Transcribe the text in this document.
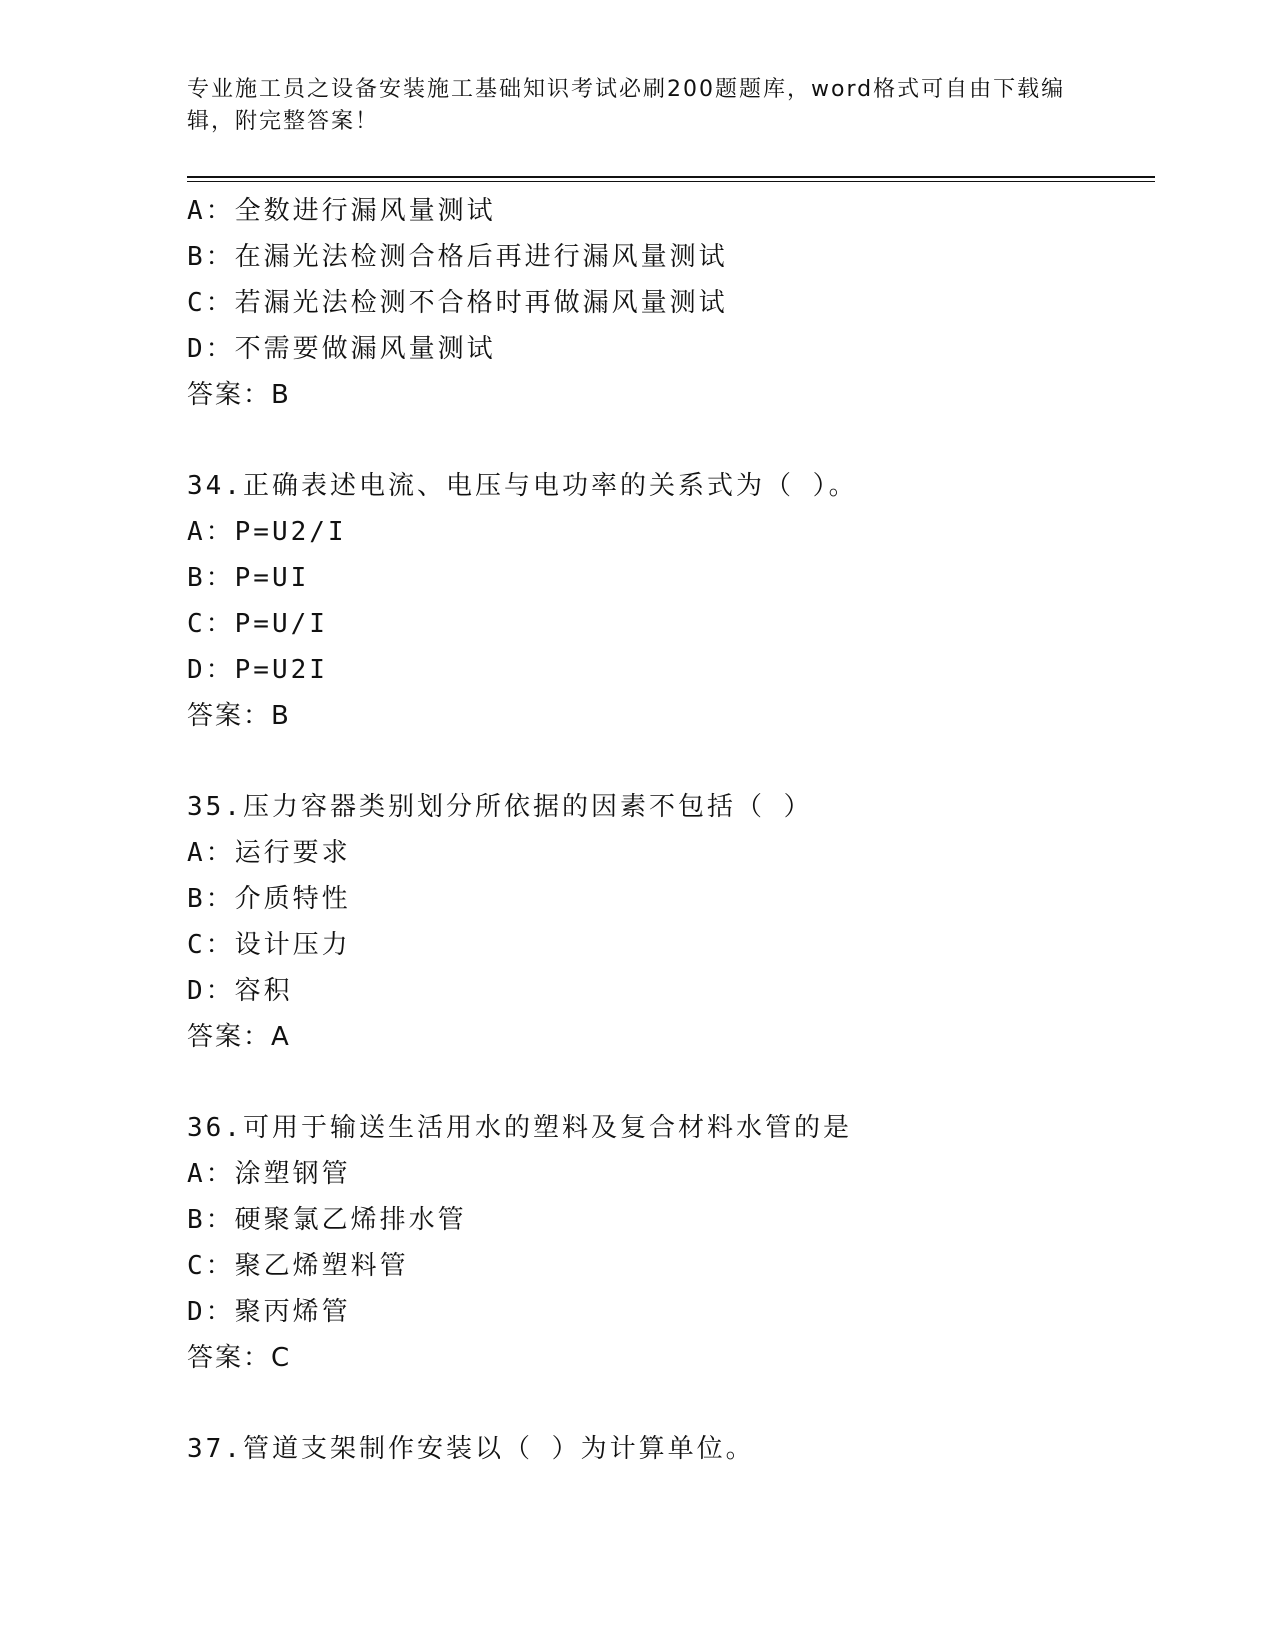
专业施工员之设备安装施工基础知识考试必刷200题题库，word格式可自由下载编辑，附完整答案！
A：全数进行漏风量测试
B：在漏光法检测合格后再进行漏风量测试
C：若漏光法检测不合格时再做漏风量测试
D：不需要做漏风量测试
答案：B
34.正确表述电流、电压与电功率的关系式为（ ）。
A：P=U2/I
B：P=UI
C：P=U/I
D：P=U2I
答案：B
35.压力容器类别划分所依据的因素不包括（ ）
A：运行要求
B：介质特性
C：设计压力
D：容积
答案：A
36.可用于输送生活用水的塑料及复合材料水管的是
A：涂塑钢管
B：硬聚氯乙烯排水管
C：聚乙烯塑料管
D：聚丙烯管
答案：C
37.管道支架制作安装以（ ）为计算单位。
